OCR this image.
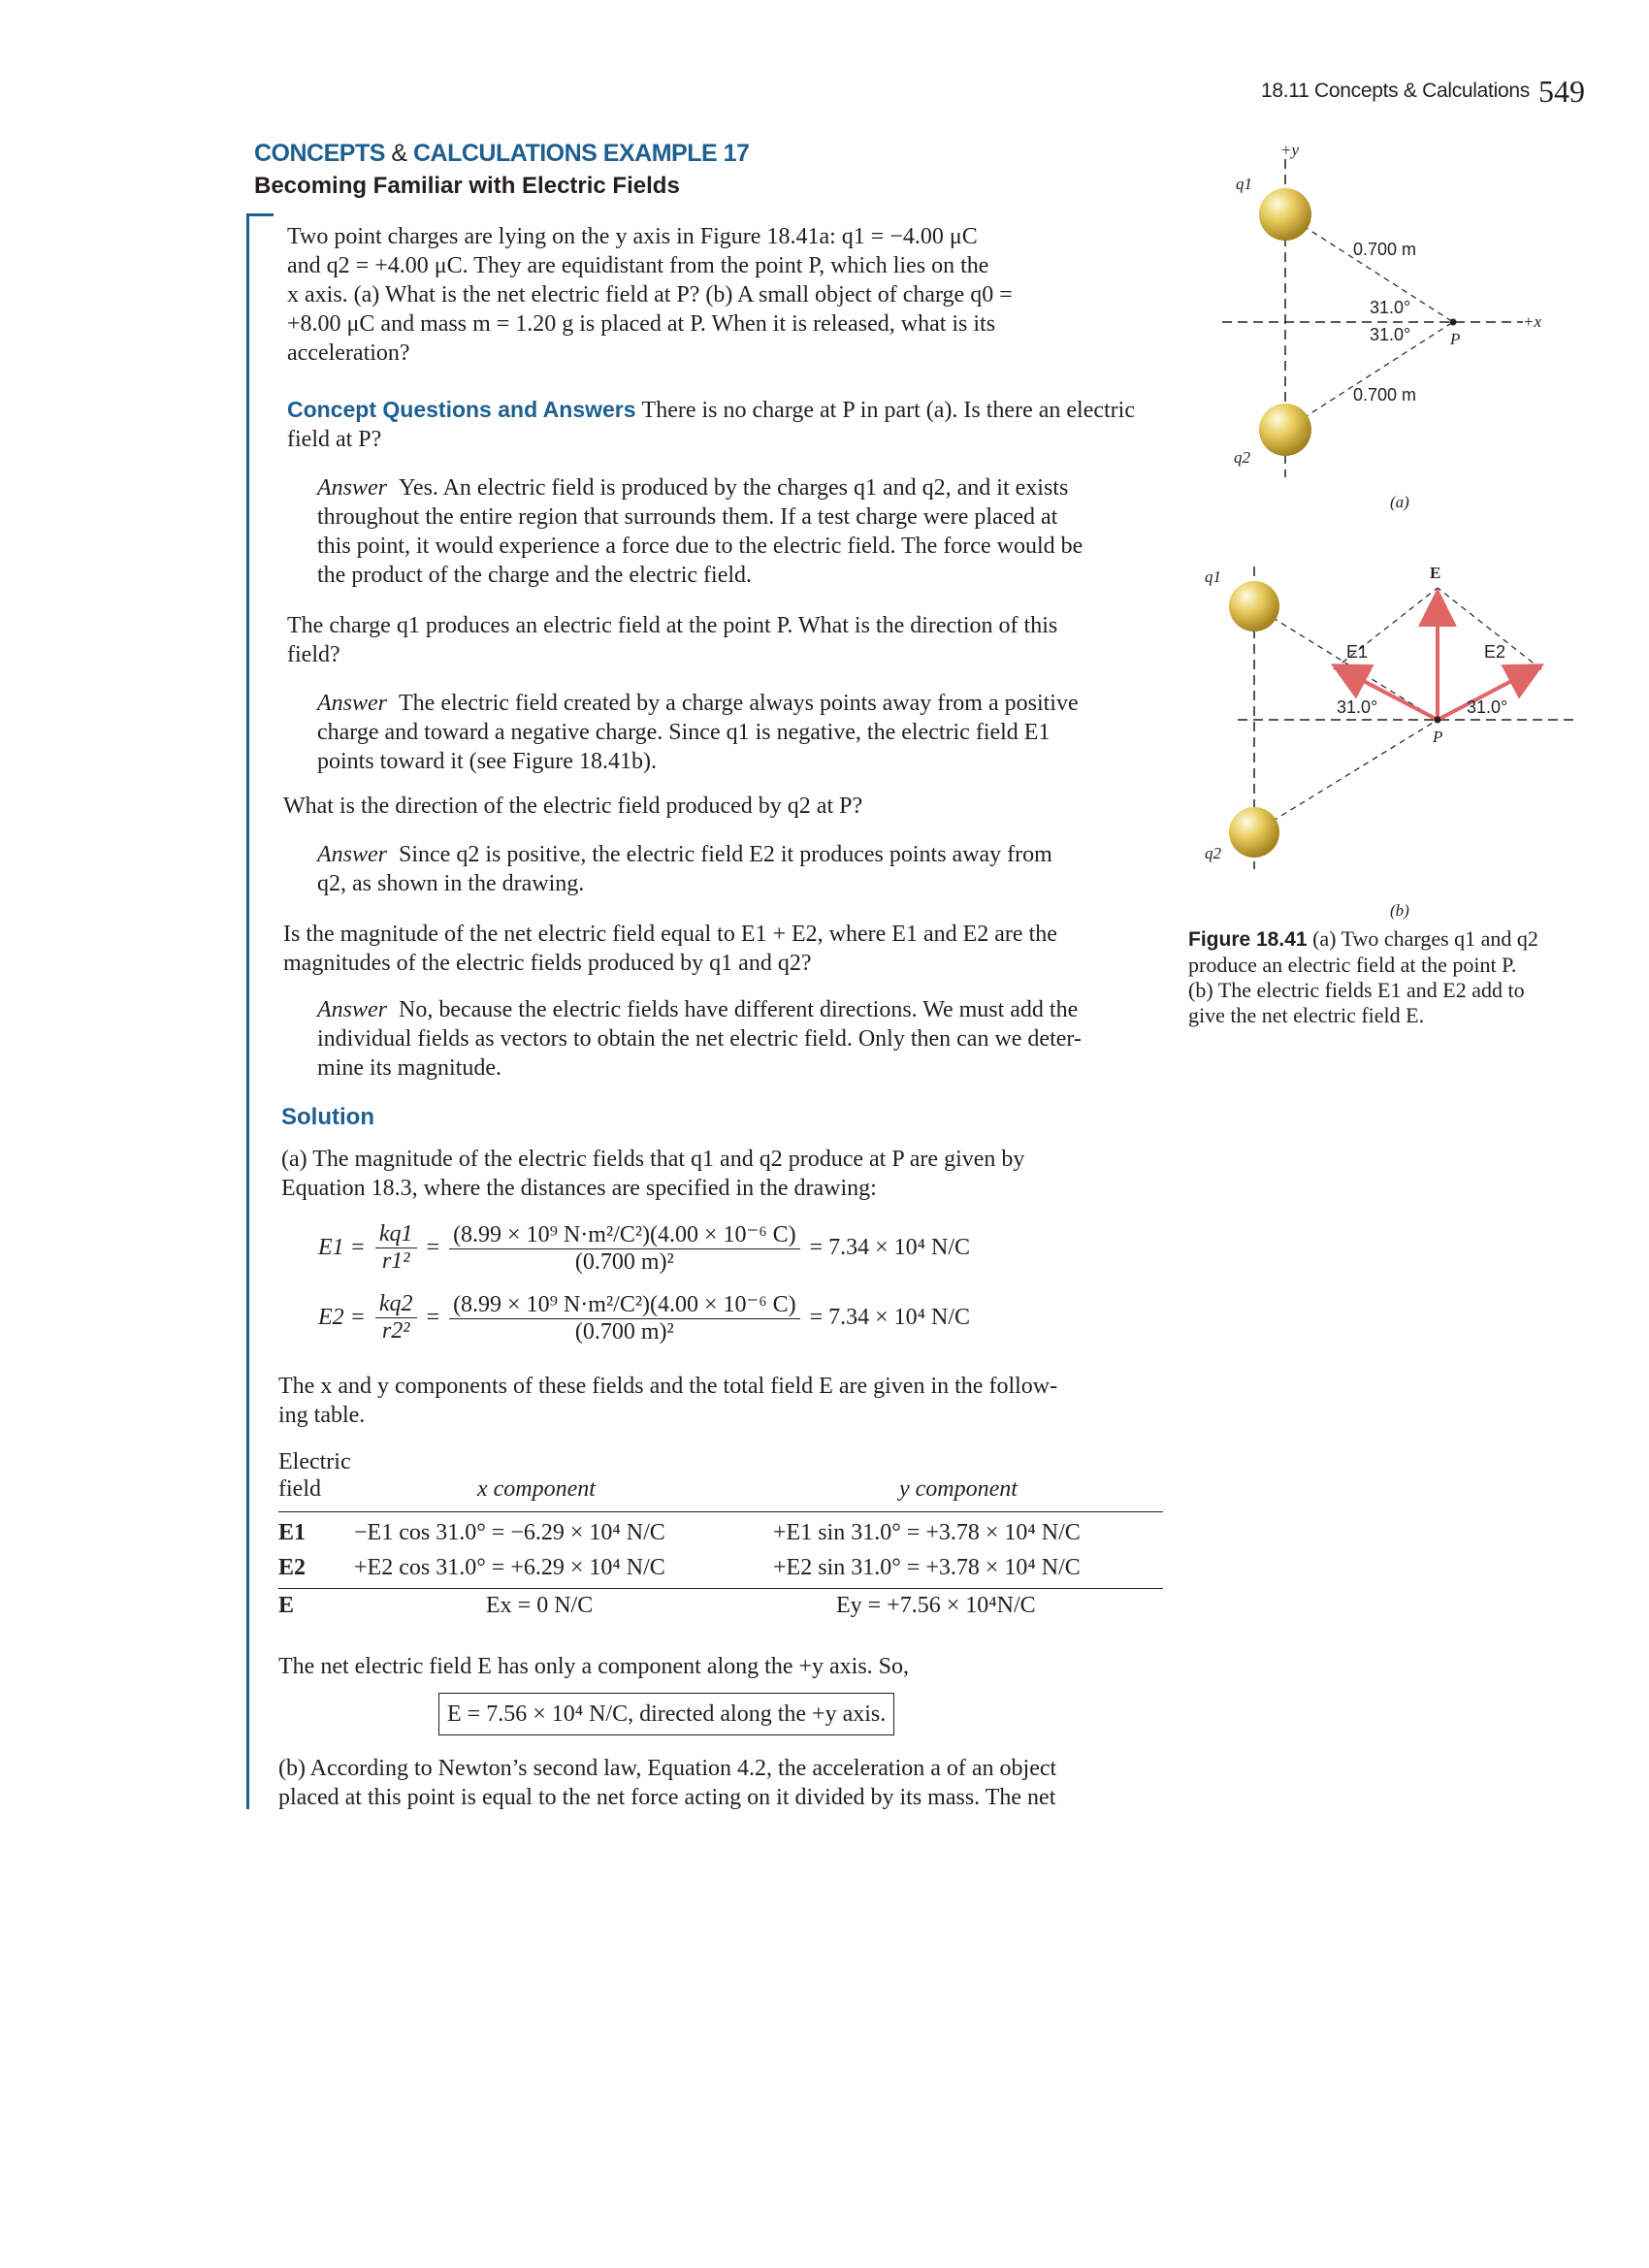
18.11 Concepts & Calculations 549
CONCEPTS & CALCULATIONS EXAMPLE 17
Becoming Familiar with Electric Fields
Two point charges are lying on the y axis in Figure 18.41a: q1 = −4.00 μC
and q2 = +4.00 μC. They are equidistant from the point P, which lies on the
x axis. (a) What is the net electric field at P? (b) A small object of charge q0 =
+8.00 μC and mass m = 1.20 g is placed at P. When it is released, what is its
acceleration?
Concept Questions and Answers There is no charge at P in part (a). Is there an electric
field at P?
Answer Yes. An electric field is produced by the charges q1 and q2, and it exists
throughout the entire region that surrounds them. If a test charge were placed at
this point, it would experience a force due to the electric field. The force would be
the product of the charge and the electric field.
The charge q1 produces an electric field at the point P. What is the direction of this
field?
Answer The electric field created by a charge always points away from a positive
charge and toward a negative charge. Since q1 is negative, the electric field E1
points toward it (see Figure 18.41b).
What is the direction of the electric field produced by q2 at P?
Answer Since q2 is positive, the electric field E2 it produces points away from
q2, as shown in the drawing.
Is the magnitude of the net electric field equal to E1 + E2, where E1 and E2 are the
magnitudes of the electric fields produced by q1 and q2?
Answer No, because the electric fields have different directions. We must add the
individual fields as vectors to obtain the net electric field. Only then can we deter-
mine its magnitude.
Solution
(a) The magnitude of the electric fields that q1 and q2 produce at P are given by
Equation 18.3, where the distances are specified in the drawing:
$E1 = \frac{kq1}{\text{r1²}} = \frac{\text{(8.99 × 10⁹ N·m²/C²)(4.00 × 10⁻⁶ C)}}{\text{(0.700 m)²}} = 7.34 \times 10^4$ N/C
$E2 = \frac{kq2}{\text{r2²}} = \frac{\text{(8.99 × 10⁹ N·m²/C²)(4.00 × 10⁻⁶ C)}}{\text{(0.700 m)²}} = 7.34 \times 10^4$ N/C
The x and y components of these fields and the total field E are given in the follow-
ing table.
Electric
field	x component	y component
E1 −E1 cos 31.0° = −6.29 × 10⁴ N/C	+E1 sin 31.0° = +3.78 × 10⁴ N/C
E2 +E2 cos 31.0° = +6.29 × 10⁴ N/C	+E2 sin 31.0° = +3.78 × 10⁴ N/C
E	Ex = 0 N/C	Ey = +7.56 × 10⁴N/C
The net electric field E has only a component along the +y axis. So,
E = 7.56 × 10⁴ N/C, directed along the +y axis.
(b) According to Newton’s second law, Equation 4.2, the acceleration a of an object
placed at this point is equal to the net force acting on it divided by its mass. The net
+y
q1
q2
0.700 m
0.700 m
31.0°
31.0° P
+x
(a)
q1
q2
E
E1	E2
31.0°	31.0°
P
(b)
Figure 18.41 (a) Two charges q1 and q2
produce an electric field at the point P.
(b) The electric fields E1 and E2 add to
give the net electric field E.
